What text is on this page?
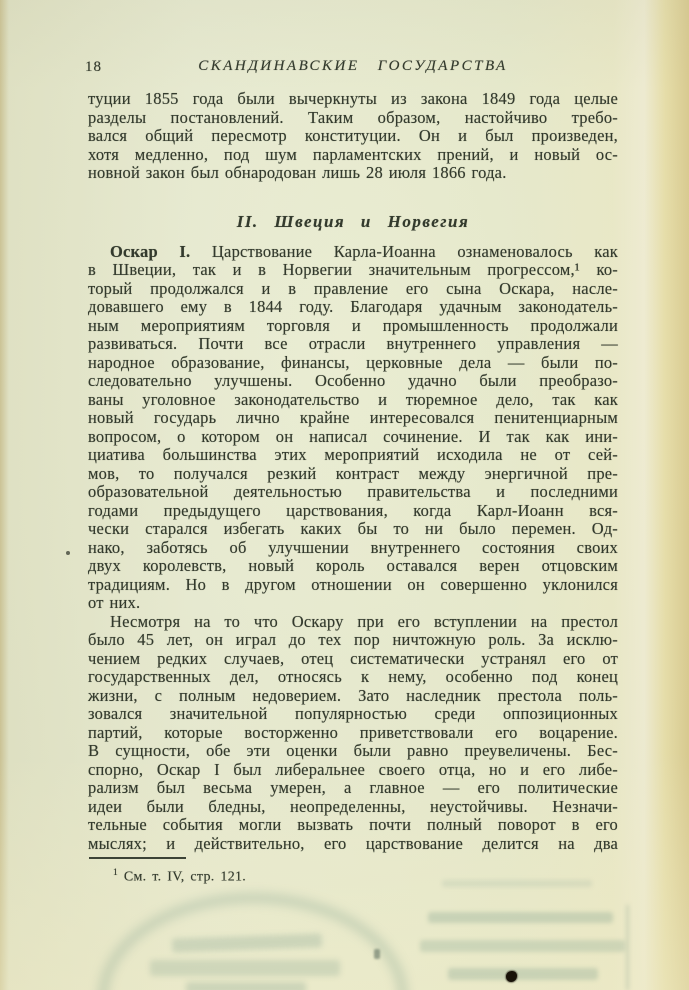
18	СКАНДИНАВСКИЕ ГОСУДАРСТВА
туции 1855 года были вычеркнуты из закона 1849 года целые
разделы постановлений. Таким образом, настойчиво требо-
вался общий пересмотр конституции. Он и был произведен,
хотя медленно, под шум парламентских прений, и новый ос-
новной закон был обнародован лишь 28 июля 1866 года.
II. Швеция и Норвегия
Оскар I. Царствование Карла-Иоанна ознаменовалось как
в Швеции, так и в Норвегии значительным прогрессом,¹ ко-
торый продолжался и в правление его сына Оскара, насле-
довавшего ему в 1844 году. Благодаря удачным законодатель-
ным мероприятиям торговля и промышленность продолжали
развиваться. Почти все отрасли внутреннего управления —
народное образование, финансы, церковные дела — были по-
следовательно улучшены. Особенно удачно были преобразо-
ваны уголовное законодательство и тюремное дело, так как
новый государь лично крайне интересовался пенитенциарным
вопросом, о котором он написал сочинение. И так как ини-
циатива большинства этих мероприятий исходила не от сей-
мов, то получался резкий контраст между энергичной пре-
образовательной деятельностью правительства и последними
годами предыдущего царствования, когда Карл-Иоанн вся-
чески старался избегать каких бы то ни было перемен. Од-
нако, заботясь об улучшении внутреннего состояния своих
двух королевств, новый король оставался верен отцовским
традициям. Но в другом отношении он совершенно уклонился
от них.
Несмотря на то что Оскару при его вступлении на престол
было 45 лет, он играл до тех пор ничтожную роль. За исклю-
чением редких случаев, отец систематически устранял его от
государственных дел, относясь к нему, особенно под конец
жизни, с полным недоверием. Зато наследник престола поль-
зовался значительной популярностью среди оппозиционных
партий, которые восторженно приветствовали его воцарение.
В сущности, обе эти оценки были равно преувеличены. Бес-
спорно, Оскар I был либеральнее своего отца, но и его либе-
рализм был весьма умерен, а главное — его политические
идеи были бледны, неопределенны, неустойчивы. Незначи-
тельные события могли вызвать почти полный поворот в его
мыслях; и действительно, его царствование делится на два
$^1$ См. т. IV, стр. 121.
